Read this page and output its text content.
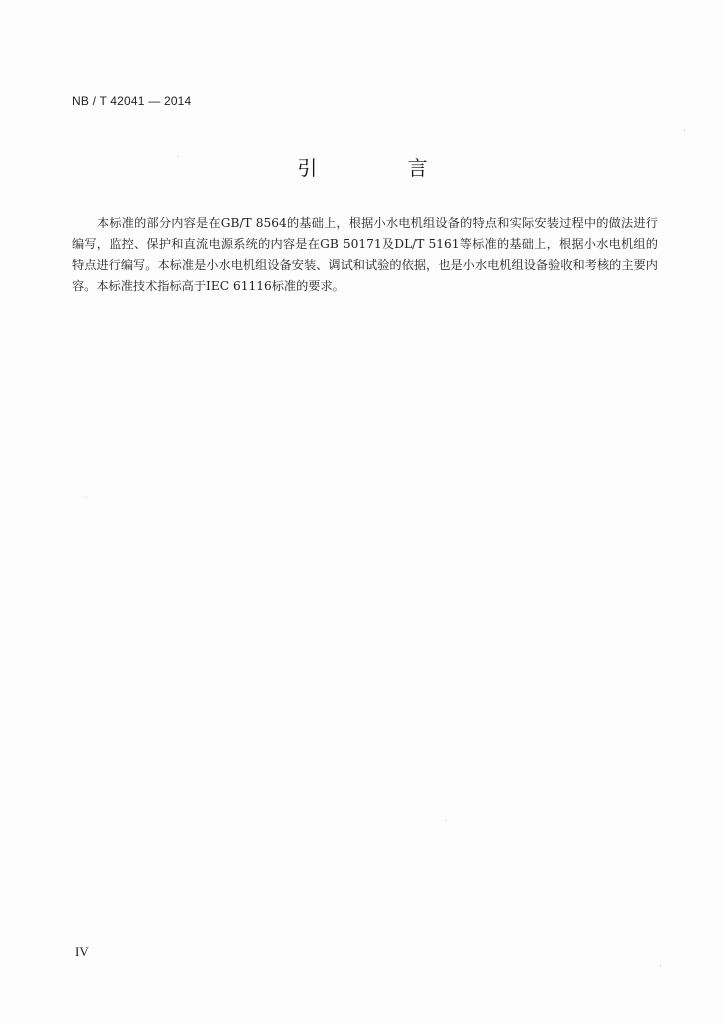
NB / T 42041 — 2014
引 言
本标准的部分内容是在GB/T 8564的基础上，根据小水电机组设备的特点和实际安装过程中的做法进行编写，监控、保护和直流电源系统的内容是在GB 50171及DL/T 5161等标准的基础上，根据小水电机组的特点进行编写。本标准是小水电机组设备安装、调试和试验的依据，也是小水电机组设备验收和考核的主要内容。本标准技术指标高于IEC 61116标准的要求。
IV
